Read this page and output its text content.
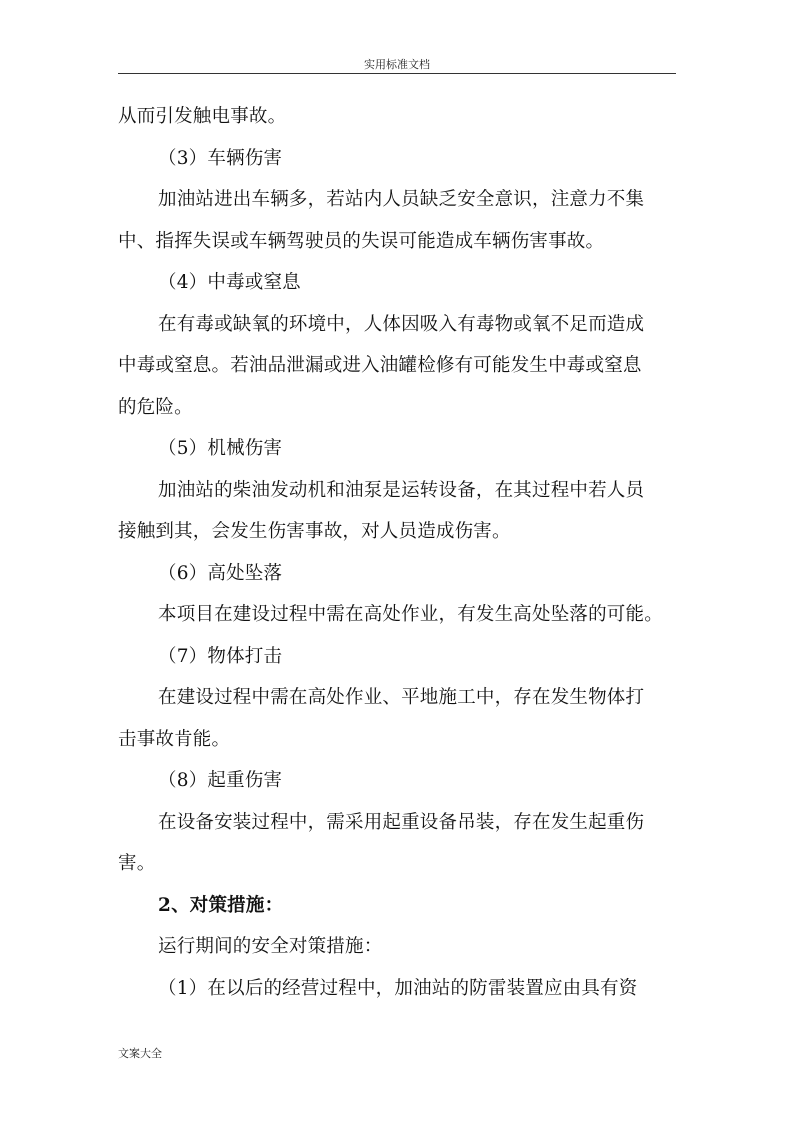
实用标准文档
从而引发触电事故。
（3）车辆伤害
加油站进出车辆多，若站内人员缺乏安全意识，注意力不集
中、指挥失误或车辆驾驶员的失误可能造成车辆伤害事故。
（4）中毒或窒息
在有毒或缺氧的环境中，人体因吸入有毒物或氧不足而造成
中毒或窒息。若油品泄漏或进入油罐检修有可能发生中毒或窒息
的危险。
（5）机械伤害
加油站的柴油发动机和油泵是运转设备，在其过程中若人员
接触到其，会发生伤害事故，对人员造成伤害。
（6）高处坠落
本项目在建设过程中需在高处作业，有发生高处坠落的可能。
（7）物体打击
在建设过程中需在高处作业、平地施工中，存在发生物体打
击事故肯能。
（8）起重伤害
在设备安装过程中，需采用起重设备吊装，存在发生起重伤
害。
2、对策措施：
运行期间的安全对策措施：
（1）在以后的经营过程中，加油站的防雷装置应由具有资
文案大全
